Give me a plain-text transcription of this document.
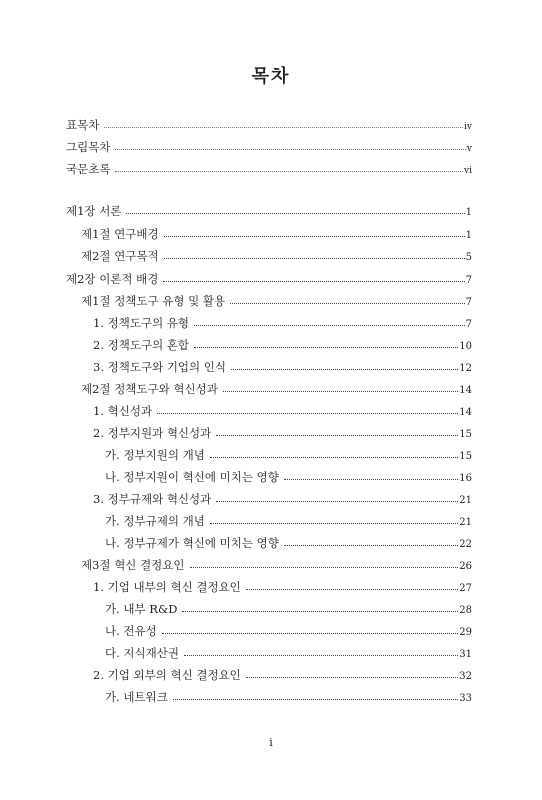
목차
표목차	iv
그림목차	v
국문초록	vi
제1장 서론	1
제1절 연구배경	1
제2절 연구목적	5
제2장 이론적 배경	7
제1절 정책도구 유형 및 활용	7
1. 정책도구의 유형	7
2. 정책도구의 혼합	10
3. 정책도구와 기업의 인식	12
제2절 정책도구와 혁신성과	14
1. 혁신성과	14
2. 정부지원과 혁신성과	15
가. 정부지원의 개념	15
나. 정부지원이 혁신에 미치는 영향	16
3. 정부규제와 혁신성과	21
가. 정부규제의 개념	21
나. 정부규제가 혁신에 미치는 영향	22
제3절 혁신 결정요인	26
1. 기업 내부의 혁신 결정요인	27
가. 내부 R&D	28
나. 전유성	29
다. 지식재산권	31
2. 기업 외부의 혁신 결정요인	32
가. 네트워크	33
i
